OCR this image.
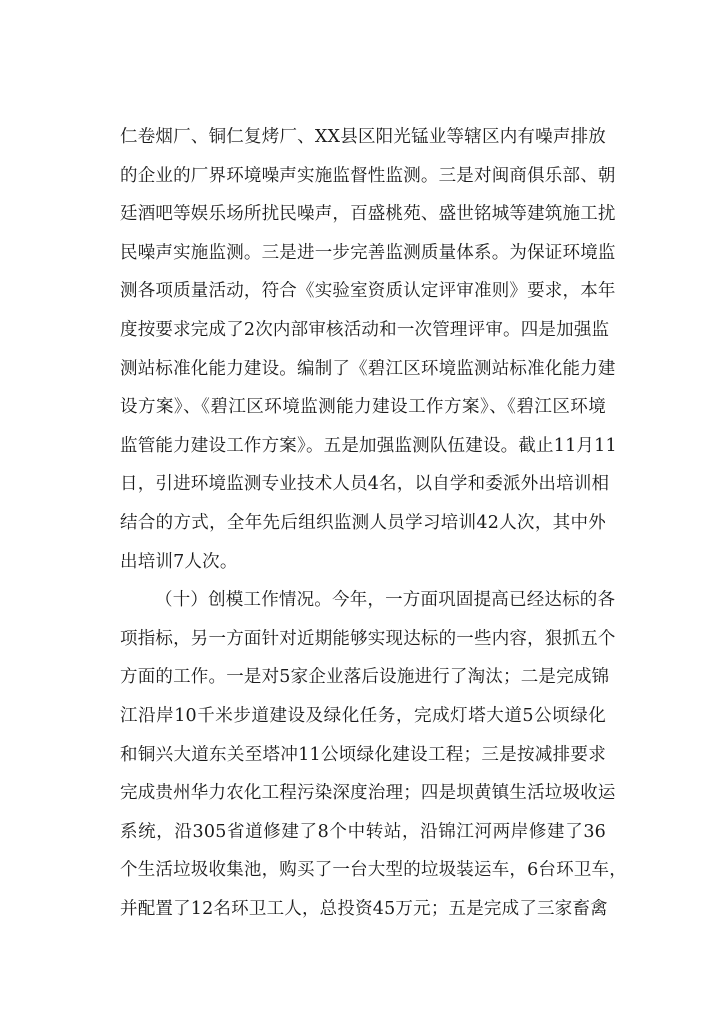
仁卷烟厂、铜仁复烤厂、XX县区阳光锰业等辖区内有噪声排放
的企业的厂界环境噪声实施监督性监测。三是对闽商俱乐部、朝
廷酒吧等娱乐场所扰民噪声，百盛桃苑、盛世铭城等建筑施工扰
民噪声实施监测。三是进一步完善监测质量体系。为保证环境监
测各项质量活动，符合《实验室资质认定评审准则》要求，本年
度按要求完成了2次内部审核活动和一次管理评审。四是加强监
测站标准化能力建设。编制了《碧江区环境监测站标准化能力建
设方案》、《碧江区环境监测能力建设工作方案》、《碧江区环境
监管能力建设工作方案》。五是加强监测队伍建设。截止11月11
日，引进环境监测专业技术人员4名，以自学和委派外出培训相
结合的方式，全年先后组织监测人员学习培训42人次，其中外
出培训7人次。
（十）创模工作情况。今年，一方面巩固提高已经达标的各
项指标，另一方面针对近期能够实现达标的一些内容，狠抓五个
方面的工作。一是对5家企业落后设施进行了淘汰；二是完成锦
江沿岸10千米步道建设及绿化任务，完成灯塔大道5公顷绿化
和铜兴大道东关至塔冲11公顷绿化建设工程；三是按减排要求
完成贵州华力农化工程污染深度治理；四是坝黄镇生活垃圾收运
系统，沿305省道修建了8个中转站，沿锦江河两岸修建了36
个生活垃圾收集池，购买了一台大型的垃圾装运车，6台环卫车，
并配置了12名环卫工人，总投资45万元；五是完成了三家畜禽
